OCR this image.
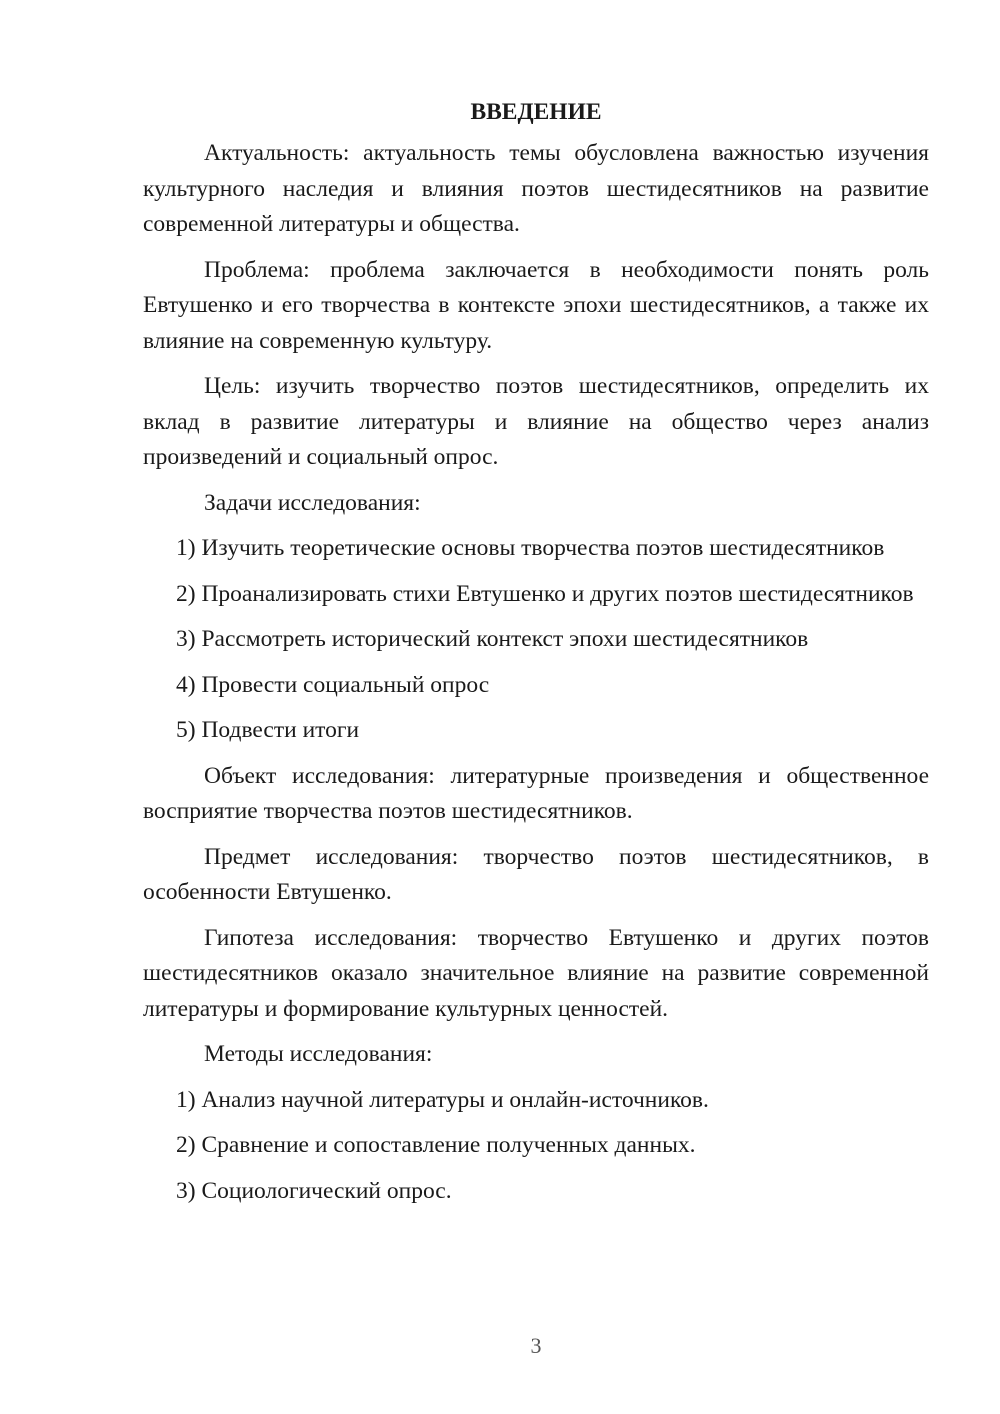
ВВЕДЕНИЕ

Актуальность: актуальность темы обусловлена важностью изучения культурного наследия и влияния поэтов шестидесятников на развитие современной литературы и общества.

Проблема: проблема заключается в необходимости понять роль Евтушенко и его творчества в контексте эпохи шестидесятников, а также их влияние на современную культуру.

Цель: изучить творчество поэтов шестидесятников, определить их вклад в развитие литературы и влияние на общество через анализ произведений и социальный опрос.

Задачи исследования:

1) Изучить теоретические основы творчества поэтов шестидесятников

2) Проанализировать стихи Евтушенко и других поэтов шестидесятников

3) Рассмотреть исторический контекст эпохи шестидесятников

4) Провести социальный опрос

5) Подвести итоги

Объект исследования: литературные произведения и общественное восприятие творчества поэтов шестидесятников.

Предмет исследования: творчество поэтов шестидесятников, в особенности Евтушенко.

Гипотеза исследования: творчество Евтушенко и других поэтов шестидесятников оказало значительное влияние на развитие современной литературы и формирование культурных ценностей.

Методы исследования:

1) Анализ научной литературы и онлайн-источников.

2) Сравнение и сопоставление полученных данных.

3) Социологический опрос.

3
